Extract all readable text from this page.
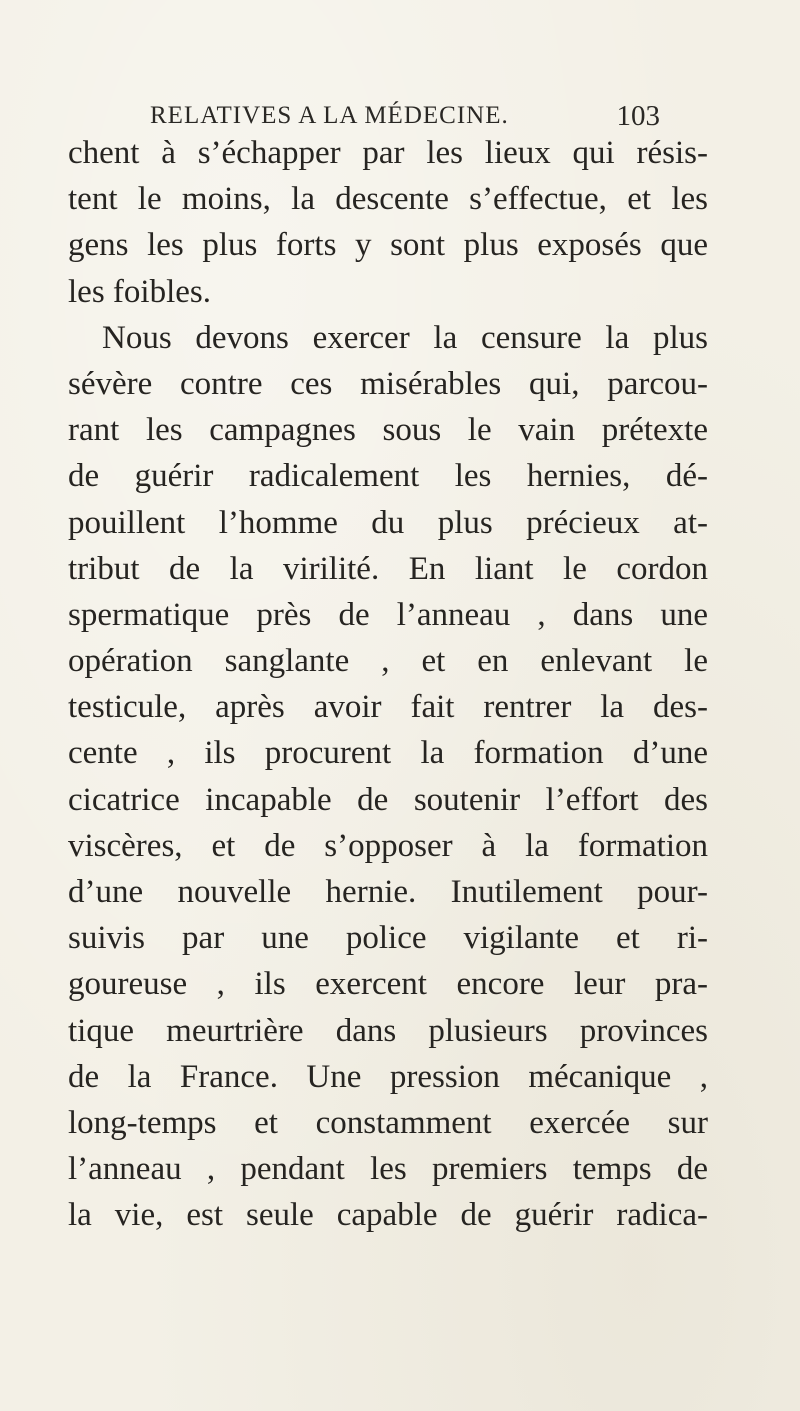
RELATIVES A LA MÉDECINE.	103
chent à s’échapper par les lieux qui résis-
tent le moins, la descente s’effectue, et les
gens les plus forts y sont plus exposés que
les foibles.
Nous devons exercer la censure la plus
sévère contre ces misérables qui, parcou-
rant les campagnes sous le vain prétexte
de guérir radicalement les hernies, dé-
pouillent l’homme du plus précieux at-
tribut de la virilité. En liant le cordon
spermatique près de l’anneau , dans une
opération sanglante , et en enlevant le
testicule, après avoir fait rentrer la des-
cente , ils procurent la formation d’une
cicatrice incapable de soutenir l’effort des
viscères, et de s’opposer à la formation
d’une nouvelle hernie. Inutilement pour-
suivis par une police vigilante et ri-
goureuse , ils exercent encore leur pra-
tique meurtrière dans plusieurs provinces
de la France. Une pression mécanique ,
long-temps et constamment exercée sur
l’anneau , pendant les premiers temps de
la vie, est seule capable de guérir radica-
